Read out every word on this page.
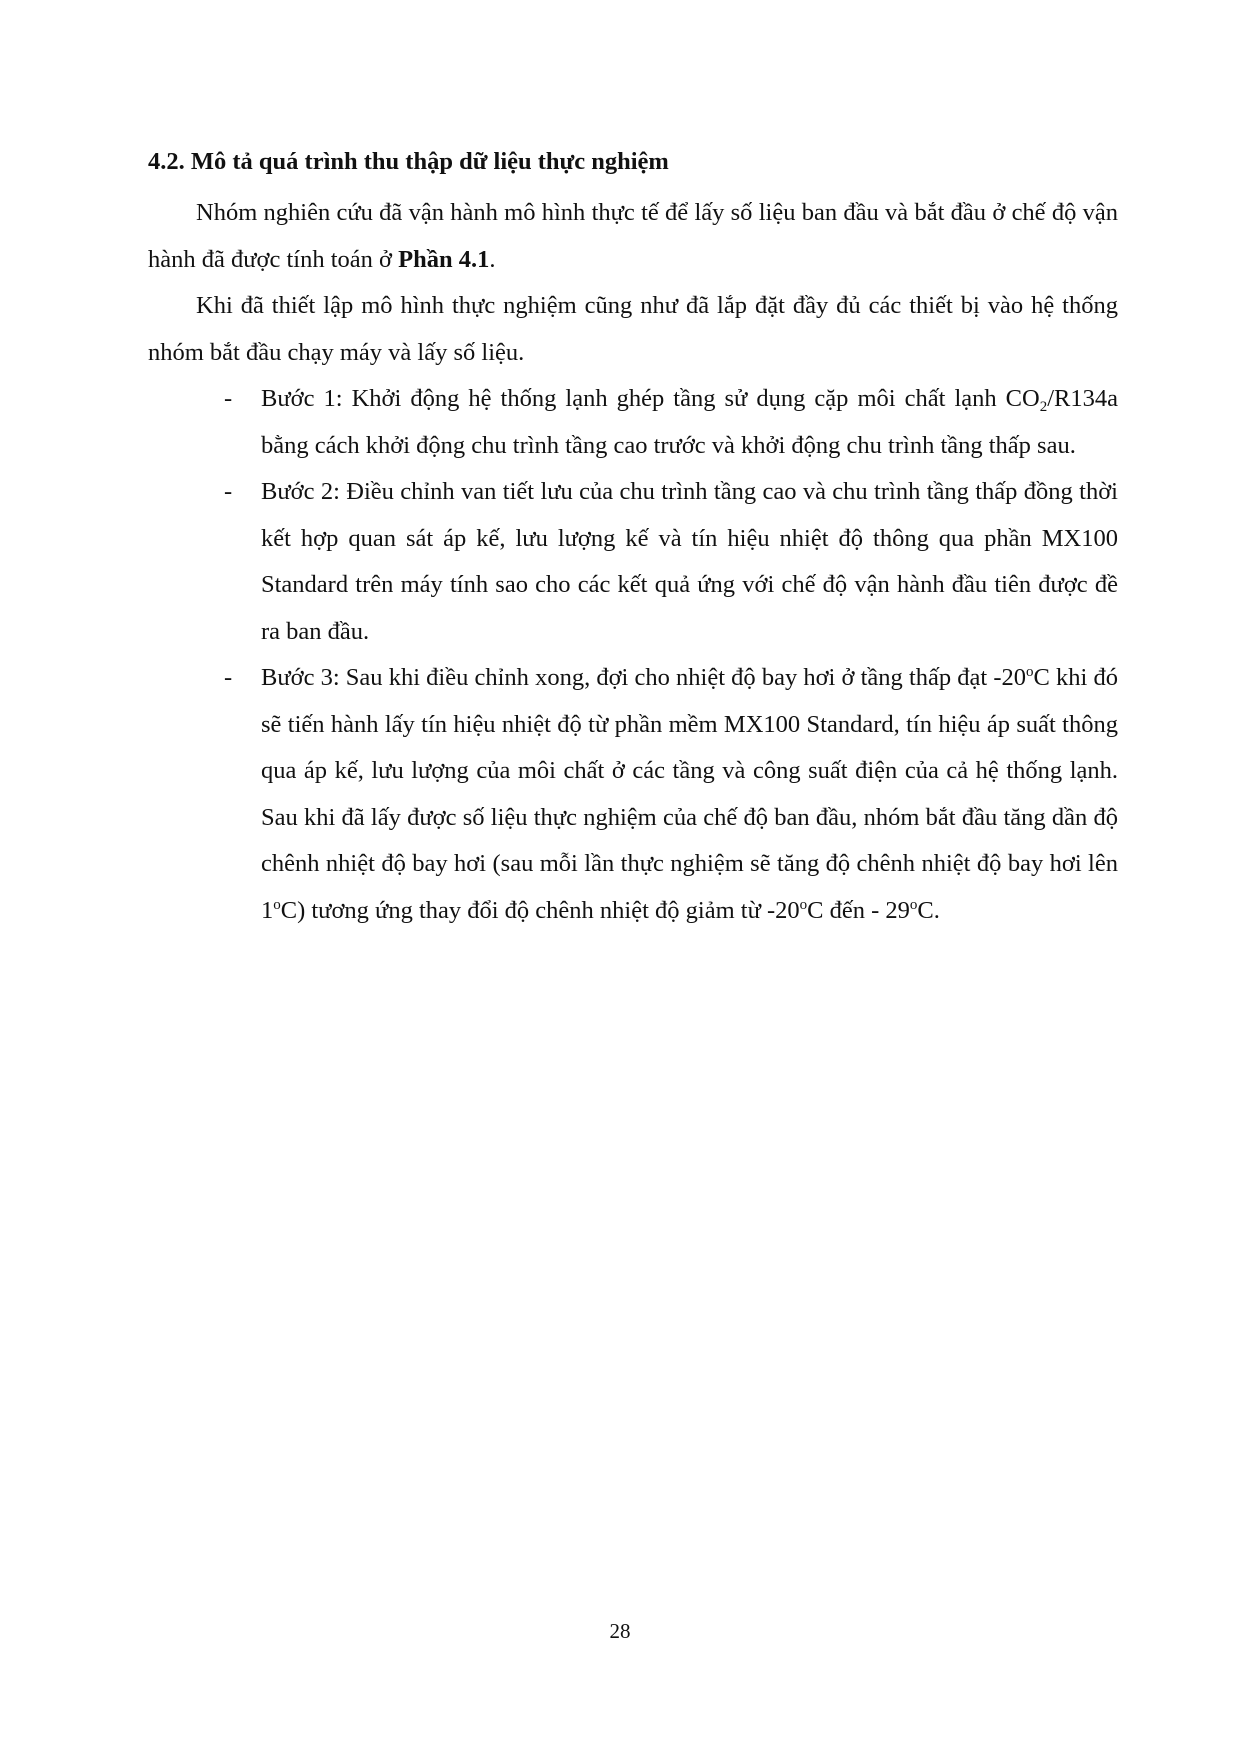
4.2. Mô tả quá trình thu thập dữ liệu thực nghiệm

Nhóm nghiên cứu đã vận hành mô hình thực tế để lấy số liệu ban đầu và bắt đầu ở chế độ vận hành đã được tính toán ở Phần 4.1.

Khi đã thiết lập mô hình thực nghiệm cũng như đã lắp đặt đầy đủ các thiết bị vào hệ thống nhóm bắt đầu chạy máy và lấy số liệu.

- Bước 1: Khởi động hệ thống lạnh ghép tầng sử dụng cặp môi chất lạnh $CO_2/R134a$ bằng cách khởi động chu trình tầng cao trước và khởi động chu trình tầng thấp sau.
- Bước 2: Điều chỉnh van tiết lưu của chu trình tầng cao và chu trình tầng thấp đồng thời kết hợp quan sát áp kế, lưu lượng kế và tín hiệu nhiệt độ thông qua phần MX100 Standard trên máy tính sao cho các kết quả ứng với chế độ vận hành đầu tiên được đề ra ban đầu.
- Bước 3: Sau khi điều chỉnh xong, đợi cho nhiệt độ bay hơi ở tầng thấp đạt -20$^o$C khi đó sẽ tiến hành lấy tín hiệu nhiệt độ từ phần mềm MX100 Standard, tín hiệu áp suất thông qua áp kế, lưu lượng của môi chất ở các tầng và công suất điện của cả hệ thống lạnh. Sau khi đã lấy được số liệu thực nghiệm của chế độ ban đầu, nhóm bắt đầu tăng dần độ chênh nhiệt độ bay hơi (sau mỗi lần thực nghiệm sẽ tăng độ chênh nhiệt độ bay hơi lên 1$^o$C) tương ứng thay đổi độ chênh nhiệt độ giảm từ -20$^o$C đến - 29$^o$C.
28
